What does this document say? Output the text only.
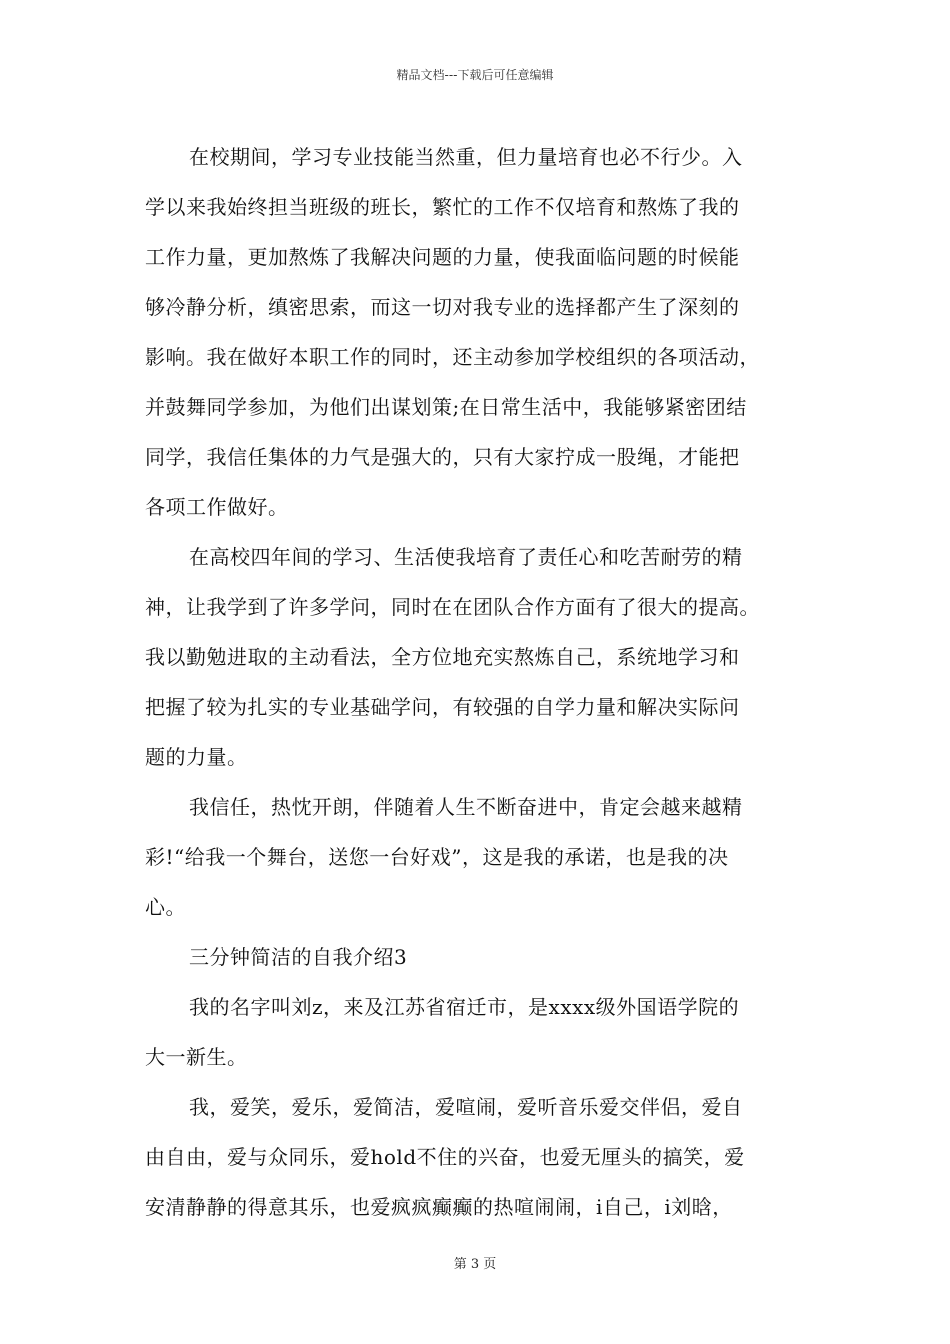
精品文档---下载后可任意编辑
在校期间，学习专业技能当然重，但力量培育也必不行少。入
学以来我始终担当班级的班长，繁忙的工作不仅培育和熬炼了我的
工作力量，更加熬炼了我解决问题的力量，使我面临问题的时候能
够冷静分析，缜密思索，而这一切对我专业的选择都产生了深刻的
影响。我在做好本职工作的同时，还主动参加学校组织的各项活动，
并鼓舞同学参加，为他们出谋划策;在日常生活中，我能够紧密团结
同学，我信任集体的力气是强大的，只有大家拧成一股绳，才能把
各项工作做好。
在高校四年间的学习、生活使我培育了责任心和吃苦耐劳的精
神，让我学到了许多学问，同时在在团队合作方面有了很大的提高。
我以勤勉进取的主动看法，全方位地充实熬炼自己，系统地学习和
把握了较为扎实的专业基础学问，有较强的自学力量和解决实际问
题的力量。
我信任，热忱开朗，伴随着人生不断奋进中，肯定会越来越精
彩!“给我一个舞台，送您一台好戏”，这是我的承诺，也是我的决
心。
三分钟简洁的自我介绍3
我的名字叫刘z，来及江苏省宿迁市，是xxxx级外国语学院的
大一新生。
我，爱笑，爱乐，爱简洁，爱喧闹，爱听音乐爱交伴侣，爱自
由自由，爱与众同乐，爱hold不住的兴奋，也爱无厘头的搞笑，爱
安清静静的得意其乐，也爱疯疯癫癫的热喧闹闹，i自己，i刘晗，
第 3 页
